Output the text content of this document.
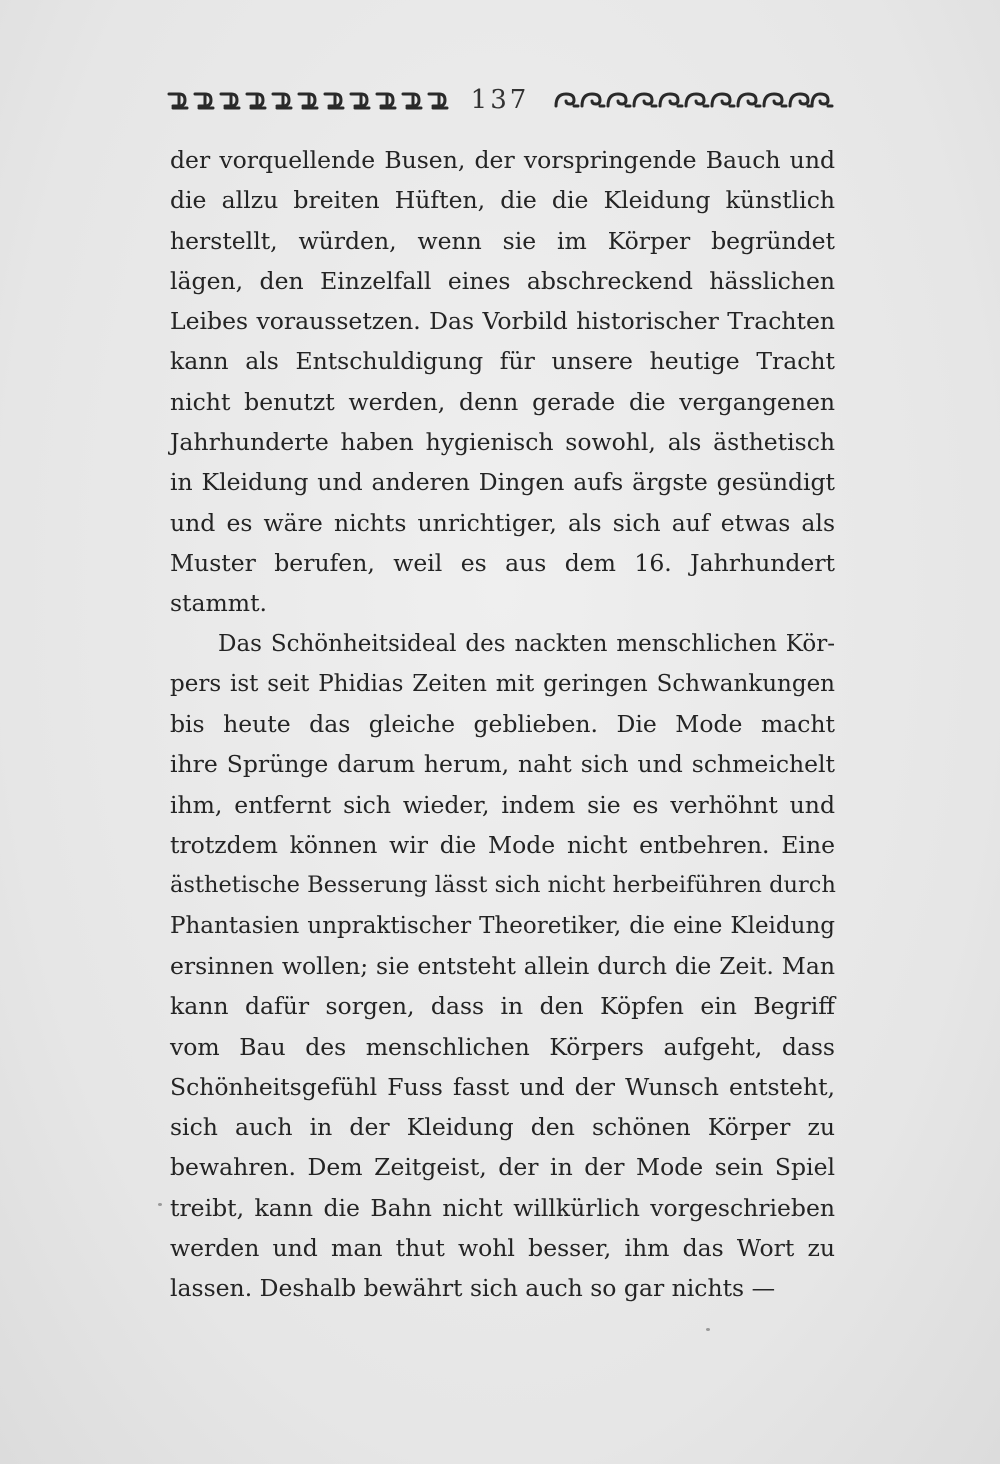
137
der vorquellende Busen, der vorspringende Bauch und
die allzu breiten Hüften, die die Kleidung künstlich
herstellt, würden, wenn sie im Körper begründet
lägen, den Einzelfall eines abschreckend hässlichen
Leibes voraussetzen. Das Vorbild historischer Trachten
kann als Entschuldigung für unsere heutige Tracht
nicht benutzt werden, denn gerade die vergangenen
Jahrhunderte haben hygienisch sowohl, als ästhetisch
in Kleidung und anderen Dingen aufs ärgste gesündigt
und es wäre nichts unrichtiger, als sich auf etwas als
Muster berufen, weil es aus dem 16. Jahrhundert
stammt.
Das Schönheitsideal des nackten menschlichen Kör-
pers ist seit Phidias Zeiten mit geringen Schwankungen
bis heute das gleiche geblieben. Die Mode macht
ihre Sprünge darum herum, naht sich und schmeichelt
ihm, entfernt sich wieder, indem sie es verhöhnt und
trotzdem können wir die Mode nicht entbehren. Eine
ästhetische Besserung lässt sich nicht herbeiführen durch
Phantasien unpraktischer Theoretiker, die eine Kleidung
ersinnen wollen; sie entsteht allein durch die Zeit. Man
kann dafür sorgen, dass in den Köpfen ein Begriff
vom Bau des menschlichen Körpers aufgeht, dass
Schönheitsgefühl Fuss fasst und der Wunsch entsteht,
sich auch in der Kleidung den schönen Körper zu
bewahren. Dem Zeitgeist, der in der Mode sein Spiel
treibt, kann die Bahn nicht willkürlich vorgeschrieben
werden und man thut wohl besser, ihm das Wort zu
lassen. Deshalb bewährt sich auch so gar nichts —
